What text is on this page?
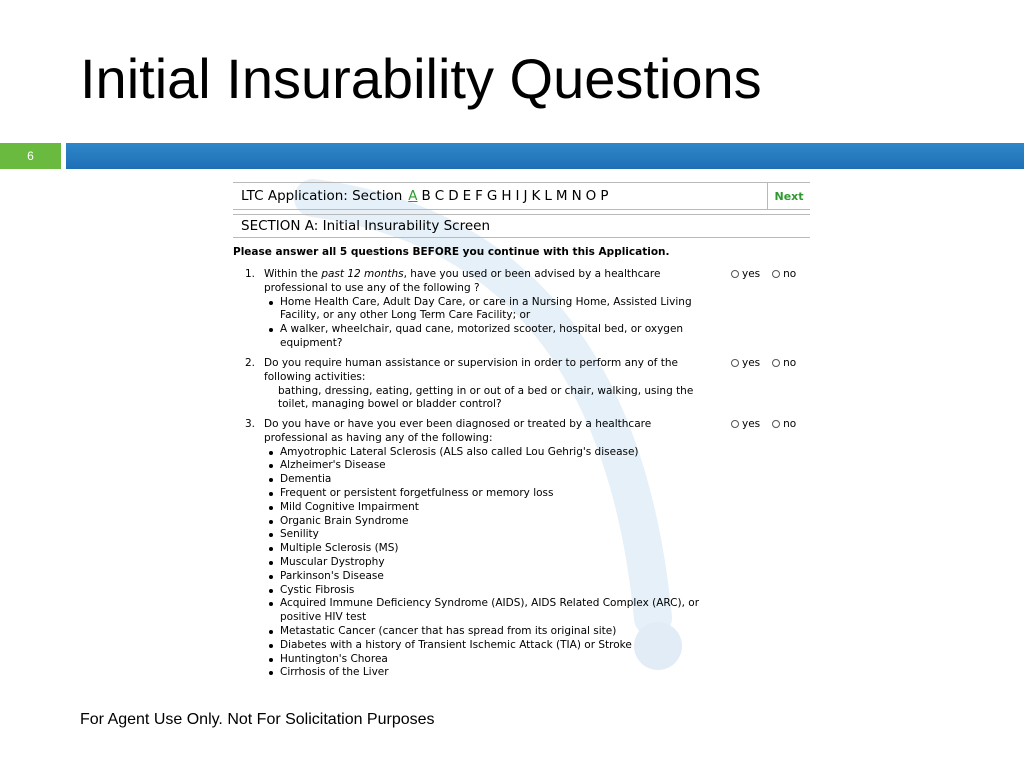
Initial Insurability Questions
6
LTC Application: Section A B C D E F G H I J K L M N O P	Next
SECTION A: Initial Insurability Screen
Please answer all 5 questions BEFORE you continue with this Application.
1. Within the past 12 months, have you used or been advised by a healthcare professional to use any of the following ?
Home Health Care, Adult Day Care, or care in a Nursing Home, Assisted Living Facility, or any other Long Term Care Facility; or
A walker, wheelchair, quad cane, motorized scooter, hospital bed, or oxygen equipment?
yes no
2. Do you require human assistance or supervision in order to perform any of the following activities:
bathing, dressing, eating, getting in or out of a bed or chair, walking, using the toilet, managing bowel or bladder control?
yes no
3. Do you have or have you ever been diagnosed or treated by a healthcare professional as having any of the following:
Amyotrophic Lateral Sclerosis (ALS also called Lou Gehrig's disease)
Alzheimer's Disease
Dementia
Frequent or persistent forgetfulness or memory loss
Mild Cognitive Impairment
Organic Brain Syndrome
Senility
Multiple Sclerosis (MS)
Muscular Dystrophy
Parkinson's Disease
Cystic Fibrosis
Acquired Immune Deficiency Syndrome (AIDS), AIDS Related Complex (ARC), or positive HIV test
Metastatic Cancer (cancer that has spread from its original site)
Diabetes with a history of Transient Ischemic Attack (TIA) or Stroke
Huntington's Chorea
Cirrhosis of the Liver
yes no
For Agent Use Only. Not For Solicitation Purposes
